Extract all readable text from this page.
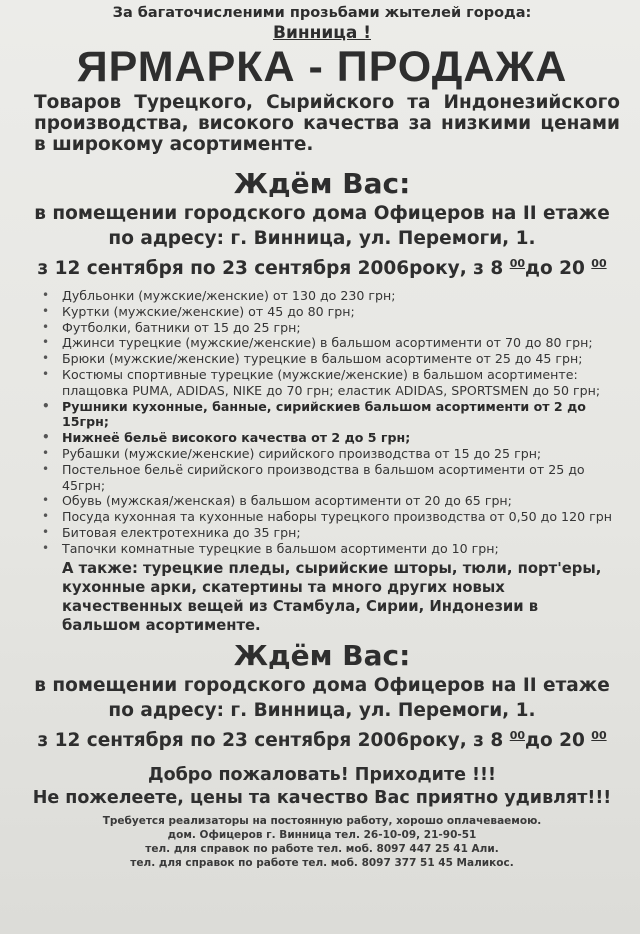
За багаточисленими прозьбами жытелей города:
Винница !
ЯРМАРКА - ПРОДАЖА
Товаров Турецкого, Сырийского та Индонезийского производства, високого качества за низкими ценами в широкому асортименте.
Ждём Вас:
в помещении городского дома Офицеров на ІІ етаже
по адресу: г. Винница, ул. Перемоги, 1.
з 12 сентября по 23 сентября 2006року, з 8 $^{00}$до 20 $^{00}$
• Дубльонки (мужские/женские) от 130 до 230 грн;
• Куртки (мужские/женские) от 45 до 80 грн;
• Футболки, батники от 15 до 25 грн;
• Джинси турецкие (мужские/женские) в бальшом асортименти от 70 до 80 грн;
• Брюки (мужские/женские) турецкие в бальшом асортименте от 25 до 45 грн;
• Костюмы спортивные турецкие (мужские/женские) в бальшом асортименте: плащовка PUMA, ADIDAS, NIKE до 70 грн; еластик ADIDAS, SPORTSMEN до 50 грн;
• Рушники кухонные, банные, сирийскиев бальшом асортименти от 2 до 15грн;
• Нижнеё бельё високого качества от 2 до 5 грн;
• Рубашки (мужские/женские) сирийского производства от 15 до 25 грн;
• Постельное бельё сирийского производства в бальшом асортименти от 25 до 45грн;
• Обувь (мужская/женская) в бальшом асортименти от 20 до 65 грн;
• Посуда кухонная та кухонные наборы турецкого производства от 0,50 до 120 грн
• Битовая електротехника до 35 грн;
• Тапочки комнатные турецкие в бальшом асортименти до 10 грн;
А также: турецкие пледы, сырийские шторы, тюли, порт'еры, кухонные арки, скатертины та много других новых качественных вещей из Стамбула, Сирии, Индонезии в бальшом асортименте.
Ждём Вас:
в помещении городского дома Офицеров на ІІ етаже
по адресу: г. Винница, ул. Перемоги, 1.
з 12 сентября по 23 сентября 2006року, з 8 $^{00}$до 20 $^{00}$
Добро пожаловать! Приходите !!!
Не пожелеете, цены та качество Вас приятно удивлят!!!
Требуется реализаторы на постоянную работу, хорошо оплачеваемою.
дом. Офицеров г. Винница тел. 26-10-09, 21-90-51
тел. для справок по работе тел. моб. 8097 447 25 41 Али.
тел. для справок по работе тел. моб. 8097 377 51 45 Маликос.
